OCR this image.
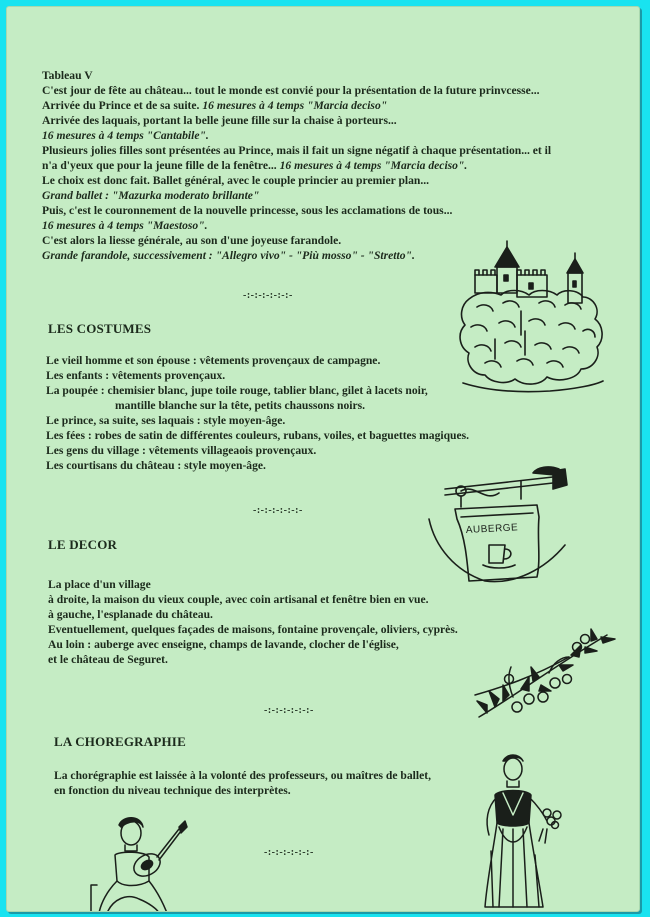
Tableau V
C'est jour de fête au château... tout le monde est convié pour la présentation de la future prinvcesse...
Arrivée du Prince et de sa suite. 16 mesures à 4 temps "Marcia deciso"
Arrivée des laquais, portant la belle jeune fille sur la chaise à porteurs...
16 mesures à 4 temps "Cantabile".
Plusieurs jolies filles sont présentées au Prince, mais il fait un signe négatif à chaque présentation... et il
n'a d'yeux que pour la jeune fille de la fenêtre... 16 mesures à 4 temps "Marcia deciso".
Le choix est donc fait. Ballet général, avec le couple princier au premier plan...
Grand ballet : "Mazurka moderato brillante"
Puis, c'est le couronnement de la nouvelle princesse, sous les acclamations de tous...
16 mesures à 4 temps "Maestoso".
C'est alors la liesse générale, au son d'une joyeuse farandole.
Grande farandole, successivement : "Allegro vivo" - "Più mosso" - "Stretto".
-:-:-:-:-:-:-
LES COSTUMES
Le vieil homme et son épouse : vêtements provençaux de campagne.
Les enfants : vêtements provençaux.
La poupée : chemisier blanc, jupe toile rouge, tablier blanc, gilet à lacets noir,
mantille blanche sur la tête, petits chaussons noirs.
Le prince, sa suite, ses laquais : style moyen-âge.
Les fées : robes de satin de différentes couleurs, rubans, voiles, et baguettes magiques.
Les gens du village : vêtements villageaois provençaux.
Les courtisans du château : style moyen-âge.
-:-:-:-:-:-:-
LE DECOR
La place d'un village
à droite, la maison du vieux couple, avec coin artisanal et fenêtre bien en vue.
à gauche, l'esplanade du château.
Eventuellement, quelques façades de maisons, fontaine provençale, oliviers, cyprès.
Au loin : auberge avec enseigne, champs de lavande, clocher de l'église,
et le château de Seguret.
-:-:-:-:-:-:-
LA CHOREGRAPHIE
La chorégraphie est laissée à la volonté des professeurs, ou maîtres de ballet,
en fonction du niveau technique des interprètes.
-:-:-:-:-:-:-
AUBERGE
